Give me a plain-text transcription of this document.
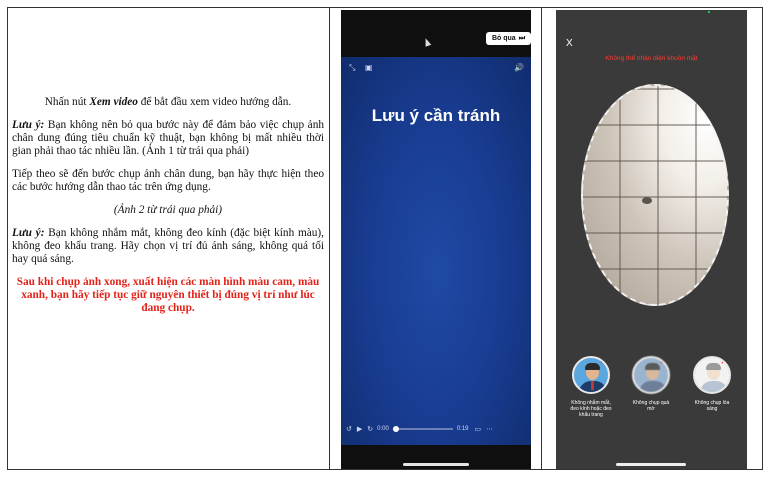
Nhấn nút Xem video để bắt đầu xem video hướng dẫn.

Lưu ý: Bạn không nên bỏ qua bước này để đảm bảo việc chụp ảnh chân dung đúng tiêu chuẩn kỹ thuật, bạn không bị mất nhiều thời gian phải thao tác nhiều lần. (Ảnh 1 từ trái qua phải)

Tiếp theo sẽ đến bước chụp ảnh chân dung, bạn hãy thực hiện theo các bước hướng dẫn thao tác trên ứng dụng.

(Ảnh 2 từ trái qua phải)

Lưu ý: Bạn không nhắm mắt, không đeo kính (đặc biệt kính màu), không đeo khẩu trang. Hãy chọn vị trí đủ ánh sáng, không quá tối hay quá sáng.

Sau khi chụp ảnh xong, xuất hiện các màn hình màu cam, màu xanh, bạn hãy tiếp tục giữ nguyên thiết bị đúng vị trí như lúc đang chụp.

Bỏ qua ⏭
⤡ ▣	🔊
Lưu ý cần tránh
↺ ▶ ↻ 0:00	0:19 ▭ ⋯
X
Không thể nhận diện khuôn mặt
✕
Không nhắm mắt, đeo kính hoặc đeo khẩu trang
✕
Không chụp quá mờ
✕
Không chụp lóa sáng
